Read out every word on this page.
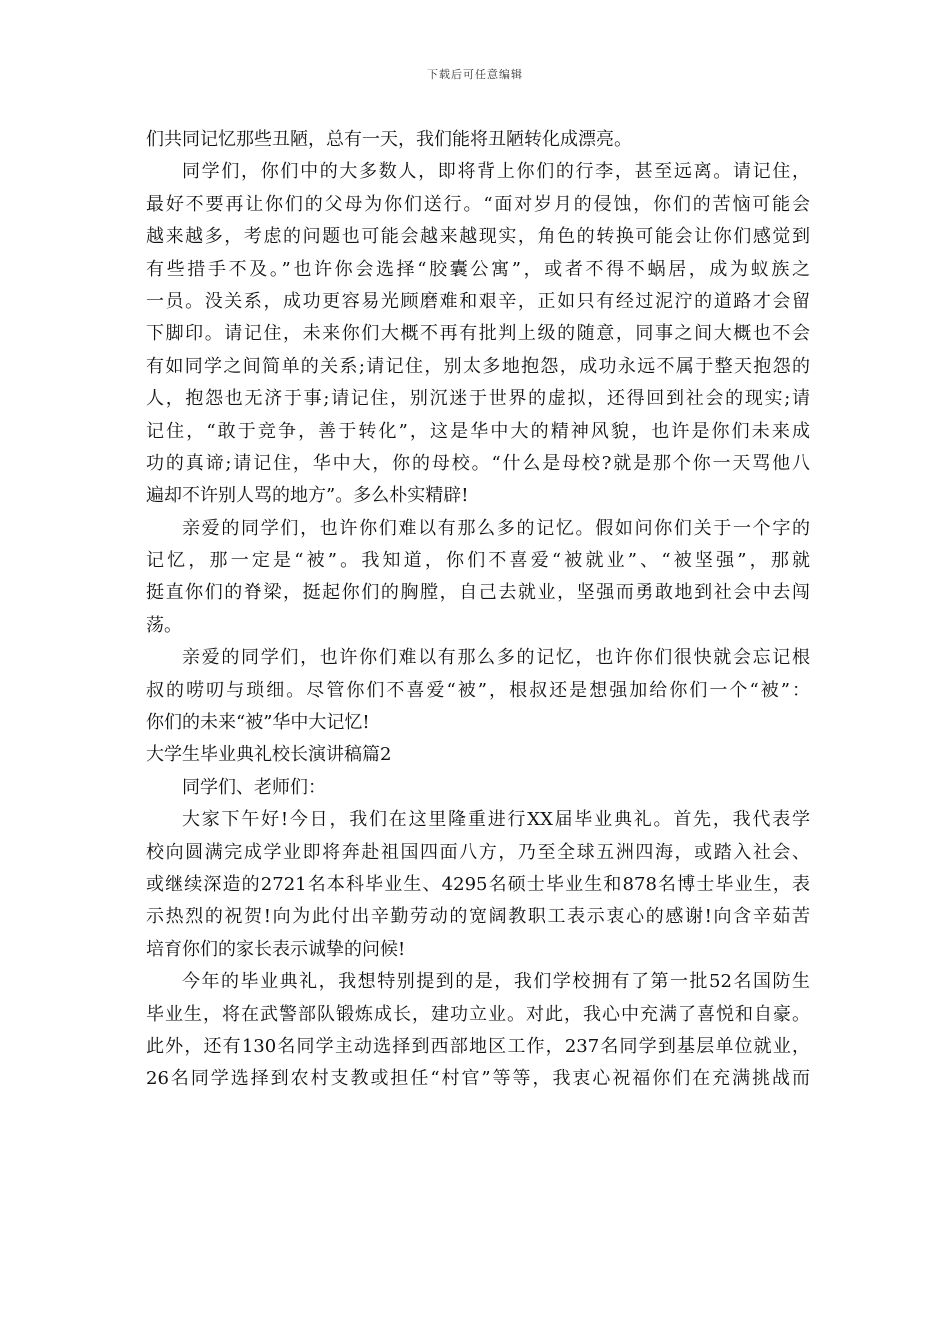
下载后可任意编辑
们共同记忆那些丑陋，总有一天，我们能将丑陋转化成漂亮。
同学们，你们中的大多数人，即将背上你们的行李，甚至远离。请记住，
最好不要再让你们的父母为你们送行。“面对岁月的侵蚀，你们的苦恼可能会
越来越多，考虑的问题也可能会越来越现实，角色的转换可能会让你们感觉到
有些措手不及。”也许你会选择“胶囊公寓”，或者不得不蜗居，成为蚁族之
一员。没关系，成功更容易光顾磨难和艰辛，正如只有经过泥泞的道路才会留
下脚印。请记住，未来你们大概不再有批判上级的随意，同事之间大概也不会
有如同学之间简单的关系;请记住，别太多地抱怨，成功永远不属于整天抱怨的
人，抱怨也无济于事;请记住，别沉迷于世界的虚拟，还得回到社会的现实;请
记住，“敢于竞争，善于转化”，这是华中大的精神风貌，也许是你们未来成
功的真谛;请记住，华中大，你的母校。“什么是母校?就是那个你一天骂他八
遍却不许别人骂的地方”。多么朴实精辟!
亲爱的同学们，也许你们难以有那么多的记忆。假如问你们关于一个字的
记忆，那一定是“被”。我知道，你们不喜爱“被就业”、“被坚强”，那就
挺直你们的脊梁，挺起你们的胸膛，自己去就业，坚强而勇敢地到社会中去闯
荡。
亲爱的同学们，也许你们难以有那么多的记忆，也许你们很快就会忘记根
叔的唠叨与琐细。尽管你们不喜爱“被”，根叔还是想强加给你们一个“被”：
你们的未来“被”华中大记忆!
大学生毕业典礼校长演讲稿篇2
同学们、老师们：
大家下午好!今日，我们在这里隆重进行XX届毕业典礼。首先，我代表学
校向圆满完成学业即将奔赴祖国四面八方，乃至全球五洲四海，或踏入社会、
或继续深造的2721名本科毕业生、4295名硕士毕业生和878名博士毕业生，表
示热烈的祝贺!向为此付出辛勤劳动的宽阔教职工表示衷心的感谢!向含辛茹苦
培育你们的家长表示诚挚的问候!
今年的毕业典礼，我想特别提到的是，我们学校拥有了第一批52名国防生
毕业生，将在武警部队锻炼成长，建功立业。对此，我心中充满了喜悦和自豪。
此外，还有130名同学主动选择到西部地区工作，237名同学到基层单位就业，
26名同学选择到农村支教或担任“村官”等等，我衷心祝福你们在充满挑战而
